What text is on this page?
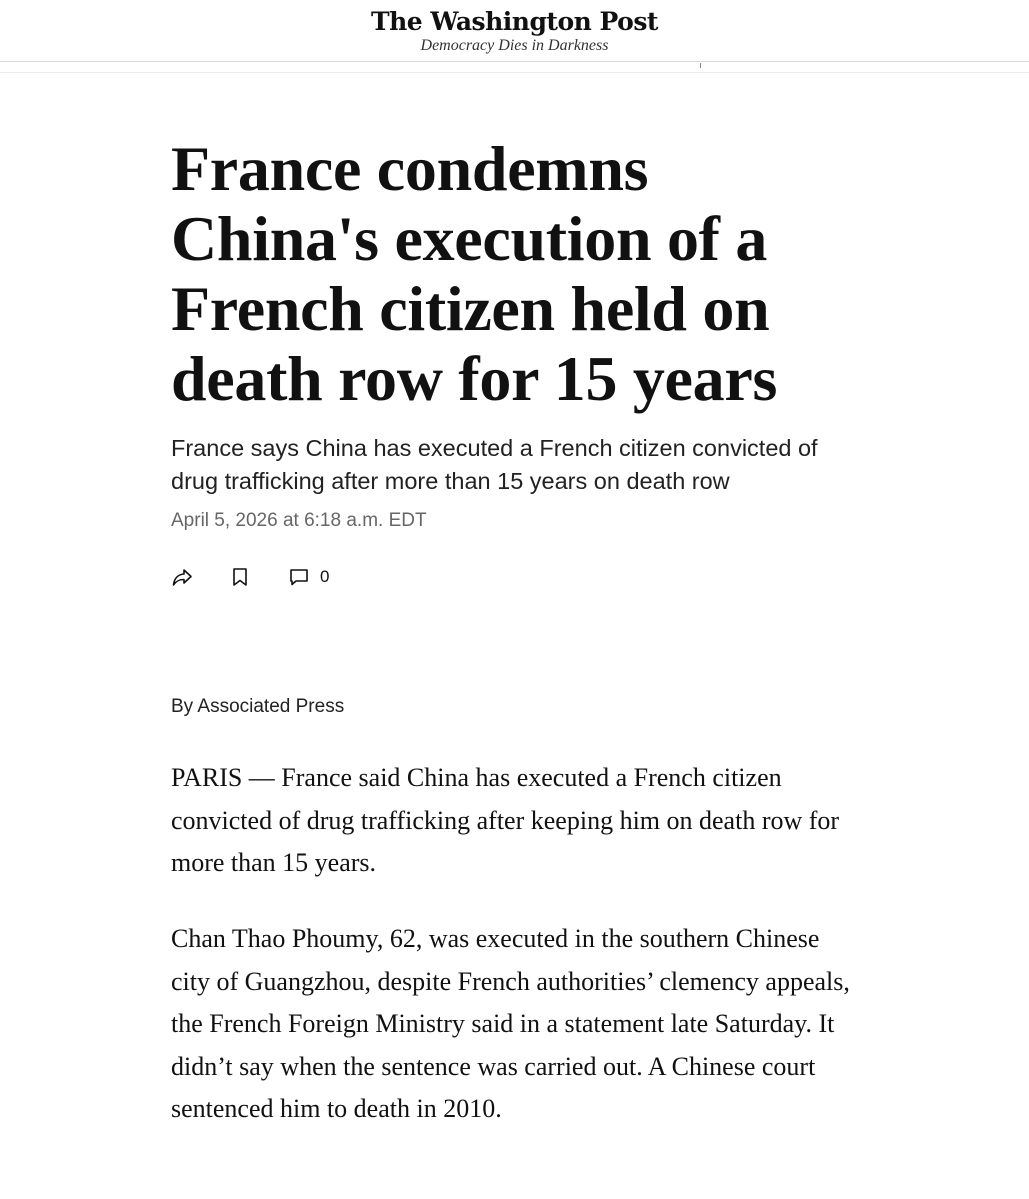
The Washington Post
Democracy Dies in Darkness
France condemns China's execution of a French citizen held on death row for 15 years

France says China has executed a French citizen convicted of drug trafficking after more than 15 years on death row

April 5, 2026 at 6:18 a.m. EDT
0
By Associated Press

PARIS — France said China has executed a French citizen convicted of drug trafficking after keeping him on death row for more than 15 years.

Chan Thao Phoumy, 62, was executed in the southern Chinese city of Guangzhou, despite French authorities’ clemency appeals, the French Foreign Ministry said in a statement late Saturday. It didn’t say when the sentence was carried out. A Chinese court sentenced him to death in 2010.
